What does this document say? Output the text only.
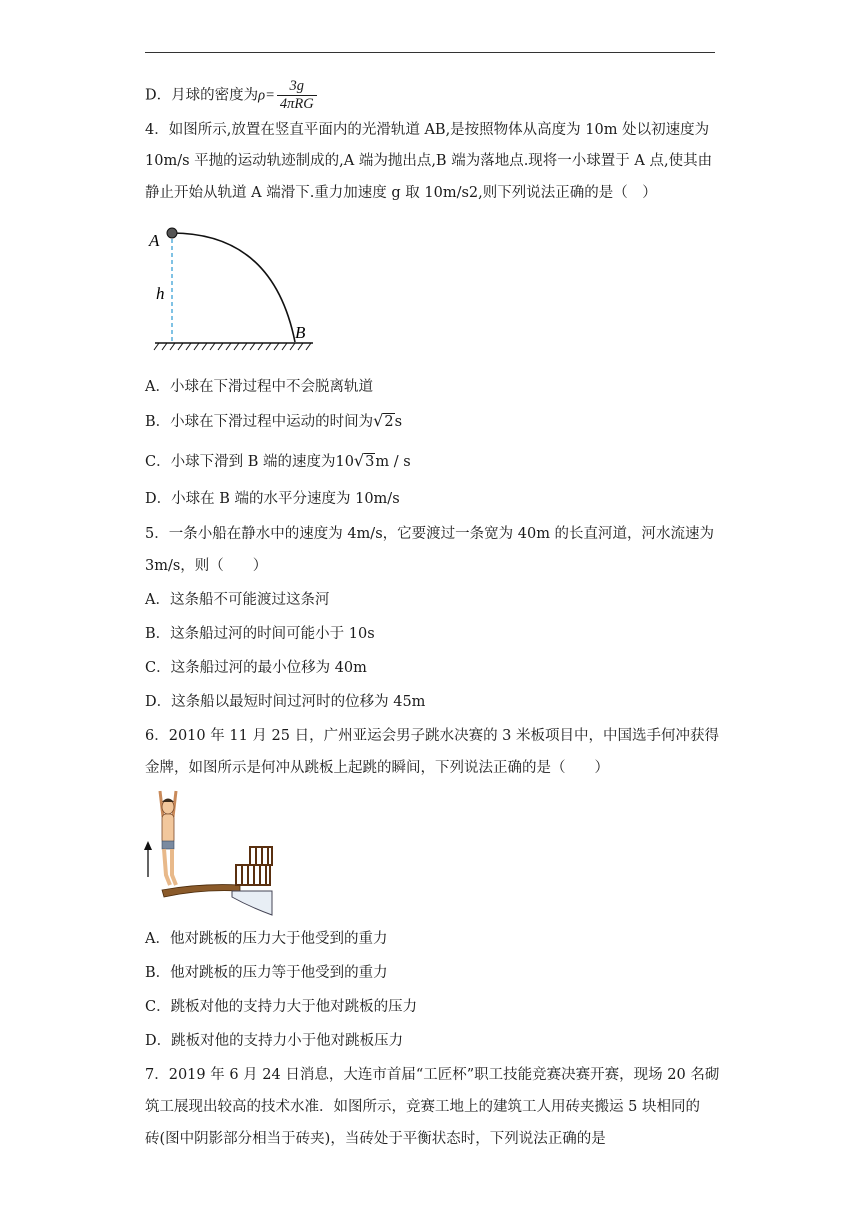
D．月球的密度为$\rho= \frac{3g}{\text{4πRG}}$
4．如图所示,放置在竖直平面内的光滑轨道 AB,是按照物体从高度为 10m 处以初速度为
10m/s 平抛的运动轨迹制成的,A 端为抛出点,B 端为落地点.现将一小球置于 A 点,使其由
静止开始从轨道 A 端滑下.重力加速度 g 取 10m/s2,则下列说法正确的是（　）
A
h
B
A．小球在下滑过程中不会脱离轨道
B．小球在下滑过程中运动的时间为√2s
C．小球下滑到 B 端的速度为10√3m / s
D．小球在 B 端的水平分速度为 10m/s
5．一条小船在静水中的速度为 4m/s，它要渡过一条宽为 40m 的长直河道，河水流速为
3m/s，则（　　）
A．这条船不可能渡过这条河
B．这条船过河的时间可能小于 10s
C．这条船过河的最小位移为 40m
D．这条船以最短时间过河时的位移为 45m
6．2010 年 11 月 25 日，广州亚运会男子跳水决赛的 3 米板项目中，中国选手何冲获得
金牌，如图所示是何冲从跳板上起跳的瞬间，下列说法正确的是（　　）
A．他对跳板的压力大于他受到的重力
B．他对跳板的压力等于他受到的重力
C．跳板对他的支持力大于他对跳板的压力
D．跳板对他的支持力小于他对跳板压力
7．2019 年 6 月 24 日消息，大连市首届“工匠杯”职工技能竞赛决赛开赛，现场 20 名砌
筑工展现出较高的技术水准．如图所示，竞赛工地上的建筑工人用砖夹搬运 5 块相同的
砖(图中阴影部分相当于砖夹)，当砖处于平衡状态时，下列说法正确的是
